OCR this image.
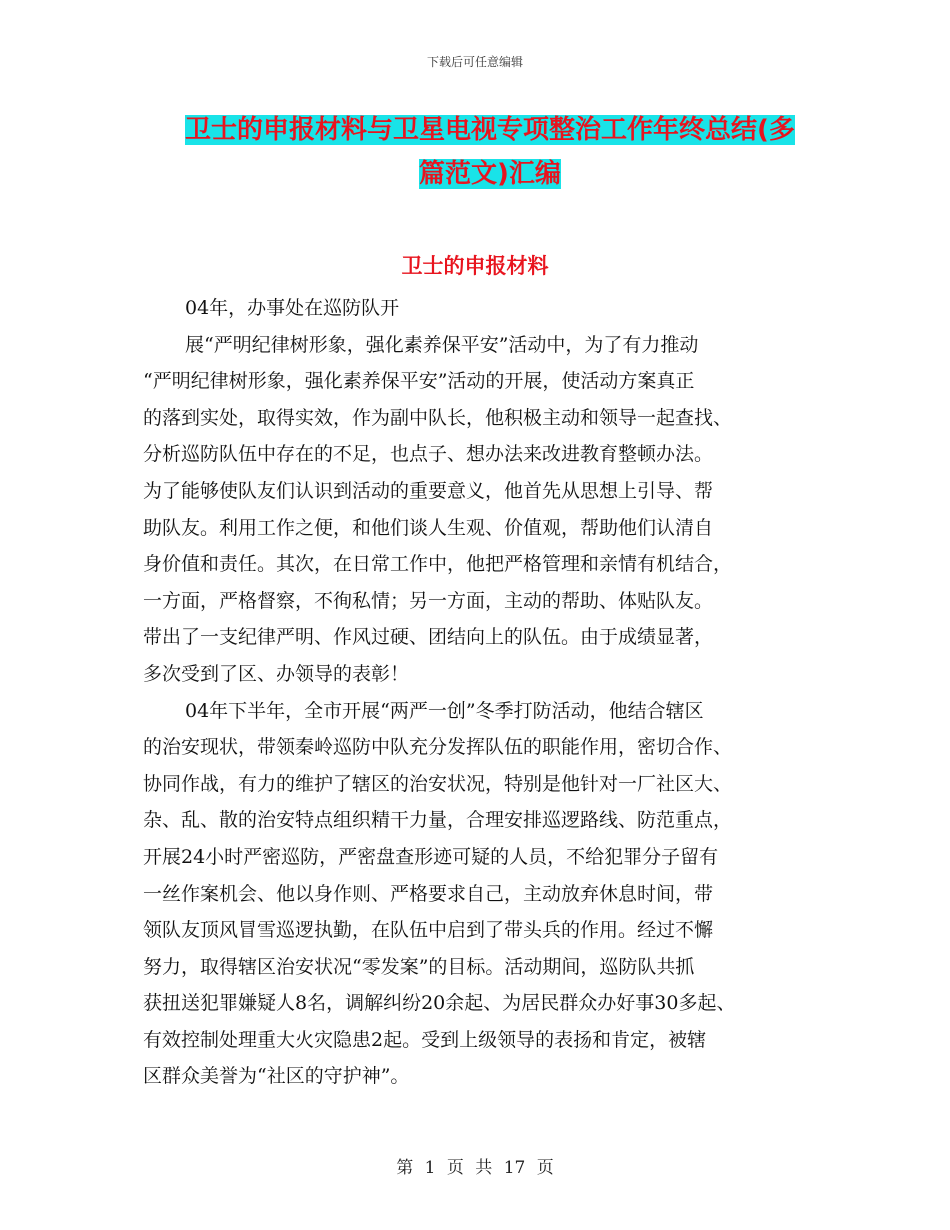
下载后可任意编辑
卫士的申报材料与卫星电视专项整治工作年终总结(多
篇范文)汇编
卫士的申报材料
04年，办事处在巡防队开
展“严明纪律树形象，强化素养保平安”活动中，为了有力推动
“严明纪律树形象，强化素养保平安”活动的开展，使活动方案真正
的落到实处，取得实效，作为副中队长，他积极主动和领导一起查找、
分析巡防队伍中存在的不足，也点子、想办法来改进教育整顿办法。
为了能够使队友们认识到活动的重要意义，他首先从思想上引导、帮
助队友。利用工作之便，和他们谈人生观、价值观，帮助他们认清自
身价值和责任。其次，在日常工作中，他把严格管理和亲情有机结合，
一方面，严格督察，不徇私情；另一方面，主动的帮助、体贴队友。
带出了一支纪律严明、作风过硬、团结向上的队伍。由于成绩显著，
多次受到了区、办领导的表彰！
04年下半年，全市开展“两严一创”冬季打防活动，他结合辖区
的治安现状，带领秦岭巡防中队充分发挥队伍的职能作用，密切合作、
协同作战，有力的维护了辖区的治安状况，特别是他针对一厂社区大、
杂、乱、散的治安特点组织精干力量，合理安排巡逻路线、防范重点，
开展24小时严密巡防，严密盘查形迹可疑的人员，不给犯罪分子留有
一丝作案机会、他以身作则、严格要求自己，主动放弃休息时间，带
领队友顶风冒雪巡逻执勤，在队伍中启到了带头兵的作用。经过不懈
努力，取得辖区治安状况“零发案”的目标。活动期间，巡防队共抓
获扭送犯罪嫌疑人8名，调解纠纷20余起、为居民群众办好事30多起、
有效控制处理重大火灾隐患2起。受到上级领导的表扬和肯定，被辖
区群众美誉为“社区的守护神”。
第 1 页 共 17 页
